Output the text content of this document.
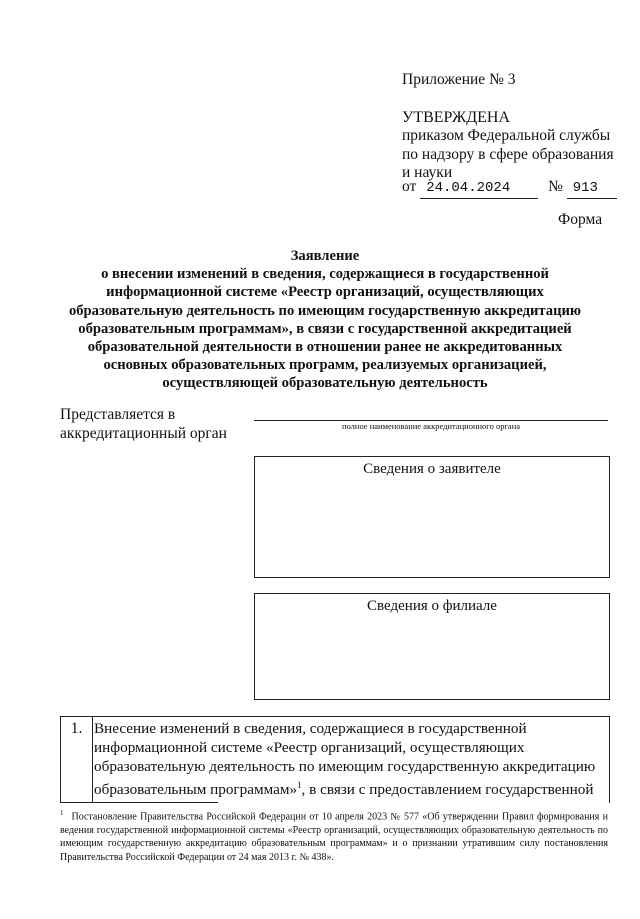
Приложение № 3
УТВЕРЖДЕНА
приказом Федеральной службы
по надзору в сфере образования
и науки
от 24.04.2024 № 913
Форма
Заявление
о внесении изменений в сведения, содержащиеся в государственной
информационной системе «Реестр организаций, осуществляющих
образовательную деятельность по имеющим государственную аккредитацию
образовательным программам», в связи с государственной аккредитацией
образовательной деятельности в отношении ранее не аккредитованных
основных образовательных программ, реализуемых организацией,
осуществляющей образовательную деятельность
Представляется в
аккредитационный орган	полное наименование аккредитационного органа
Сведения о заявителе
Сведения о филиале
1. Внесение изменений в сведения, содержащиеся в государственной
информационной системе «Реестр организаций, осуществляющих
образовательную деятельность по имеющим государственную аккредитацию
образовательным программам»$^1$, в связи с предоставлением государственной
$^1$ Постановление Правительства Российской Федерации от 10 апреля 2023 № 577 «Об утверждении Правил формирования и ведения государственной информационной системы «Реестр организаций, осуществляющих образовательную деятельность по имеющим государственную аккредитацию образовательным программам» и о признании утратившим силу постановления Правительства Российской Федерации от 24 мая 2013 г. № 438».
